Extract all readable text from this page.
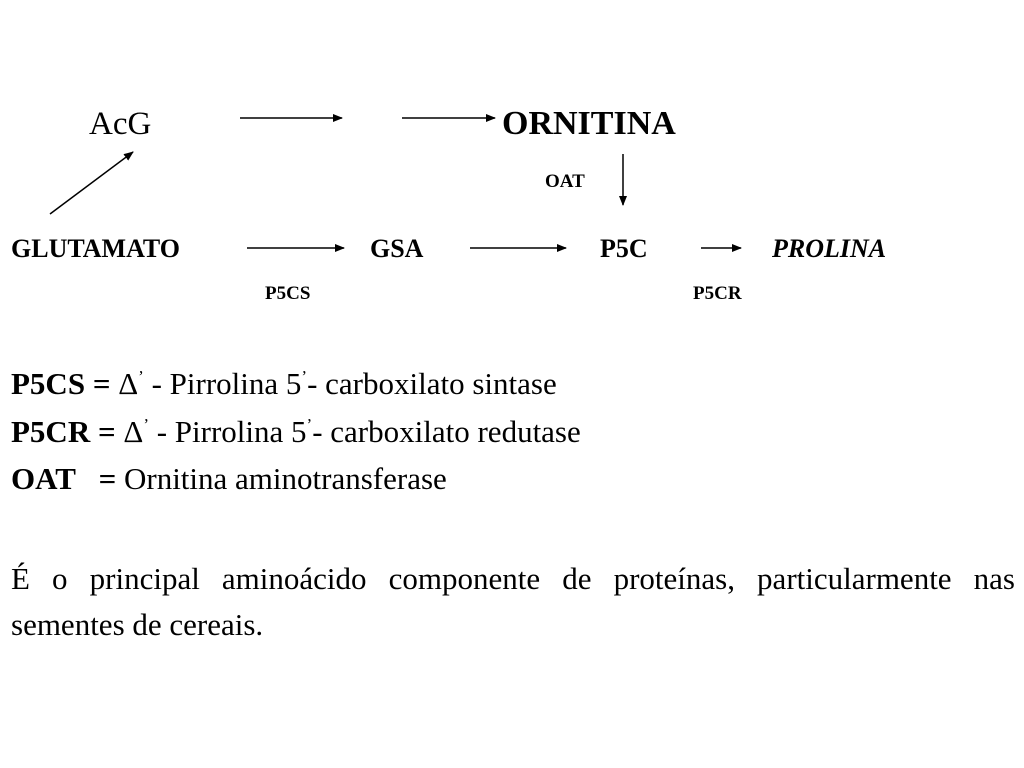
AcG	ORNITINA
OAT
GLUTAMATO	GSA	P5C	PROLINA
P5CS	P5CR
P5CS = Δ’ - Pirrolina 5’- carboxilato sintase
P5CR = Δ’ - Pirrolina 5’- carboxilato redutase
OAT   = Ornitina aminotransferase
É o principal aminoácido componente de proteínas, particularmente nas sementes de cereais.
